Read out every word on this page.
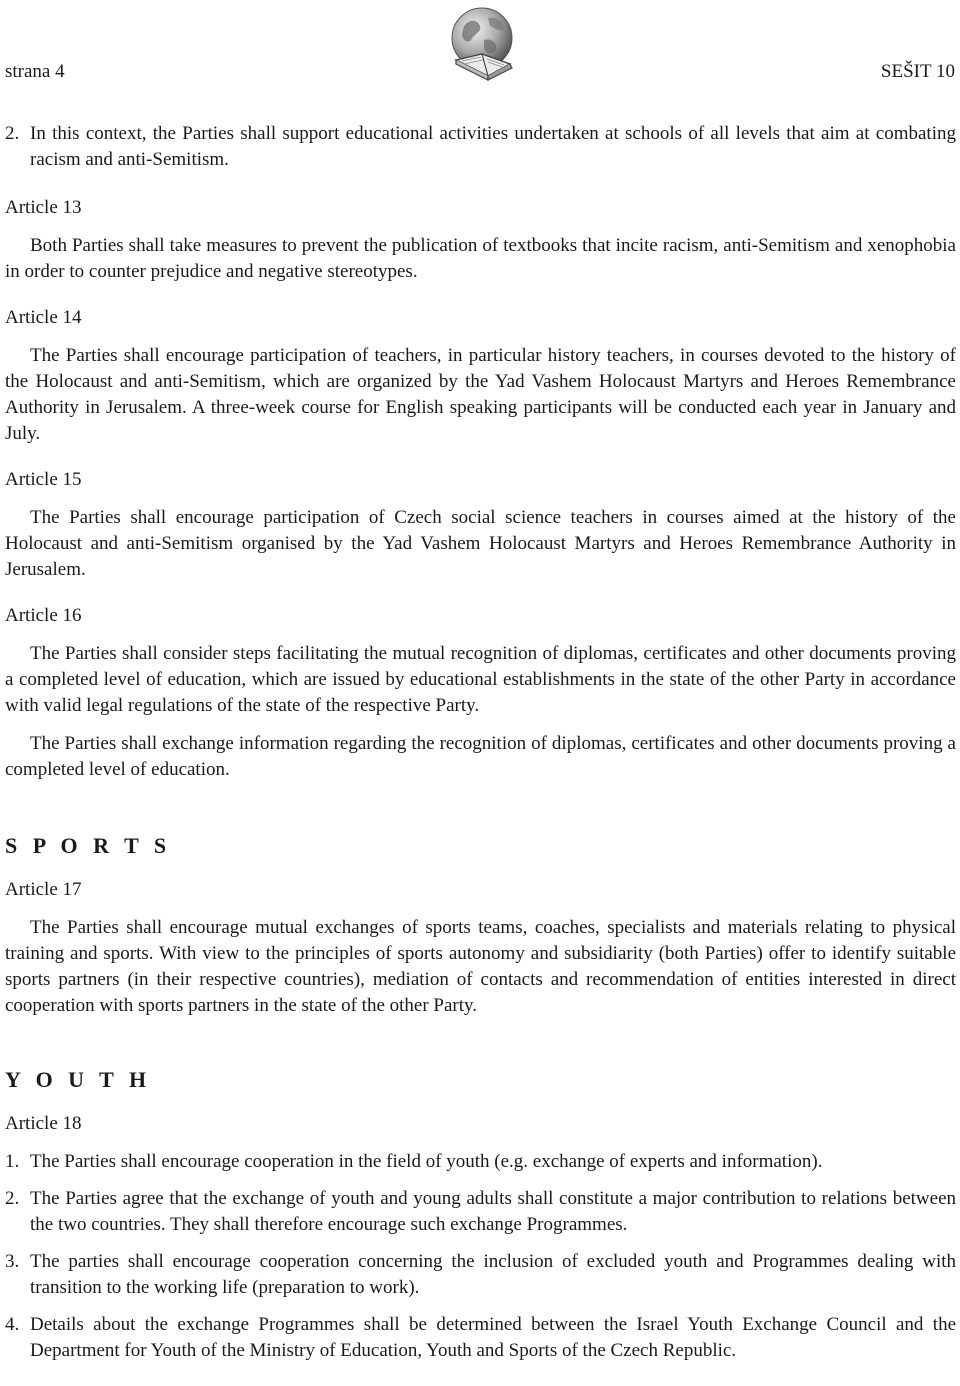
strana 4	SEŠIT 10
2. In this context, the Parties shall support educational activities undertaken at schools of all levels that aim at combating racism and anti-Semitism.
Article 13

Both Parties shall take measures to prevent the publication of textbooks that incite racism, anti-Semitism and xenophobia in order to counter prejudice and negative stereotypes.

Article 14

The Parties shall encourage participation of teachers, in particular history teachers, in courses devoted to the history of the Holocaust and anti-Semitism, which are organized by the Yad Vashem Holocaust Martyrs and Heroes Remembrance Authority in Jerusalem. A three-week course for English speaking participants will be conducted each year in January and July.

Article 15

The Parties shall encourage participation of Czech social science teachers in courses aimed at the history of the Holocaust and anti-Semitism organised by the Yad Vashem Holocaust Martyrs and Heroes Remembrance Authority in Jerusalem.

Article 16

The Parties shall consider steps facilitating the mutual recognition of diplomas, certificates and other documents proving a completed level of education, which are issued by educational establishments in the state of the other Party in accordance with valid legal regulations of the state of the respective Party.

The Parties shall exchange information regarding the recognition of diplomas, certificates and other documents proving a completed level of education.

S P O R T S
Article 17

The Parties shall encourage mutual exchanges of sports teams, coaches, specialists and materials relating to physical training and sports. With view to the principles of sports autonomy and subsidiarity (both Parties) offer to identify suitable sports partners (in their respective countries), mediation of contacts and recommendation of entities interested in direct cooperation with sports partners in the state of the other Party.

Y O U T H
Article 18
1. The Parties shall encourage cooperation in the field of youth (e.g. exchange of experts and information).
2. The Parties agree that the exchange of youth and young adults shall constitute a major contribution to relations between the two countries. They shall therefore encourage such exchange Programmes.
3. The parties shall encourage cooperation concerning the inclusion of excluded youth and Programmes dealing with transition to the working life (preparation to work).
4. Details about the exchange Programmes shall be determined between the Israel Youth Exchange Council and the Department for Youth of the Ministry of Education, Youth and Sports of the Czech Republic.
